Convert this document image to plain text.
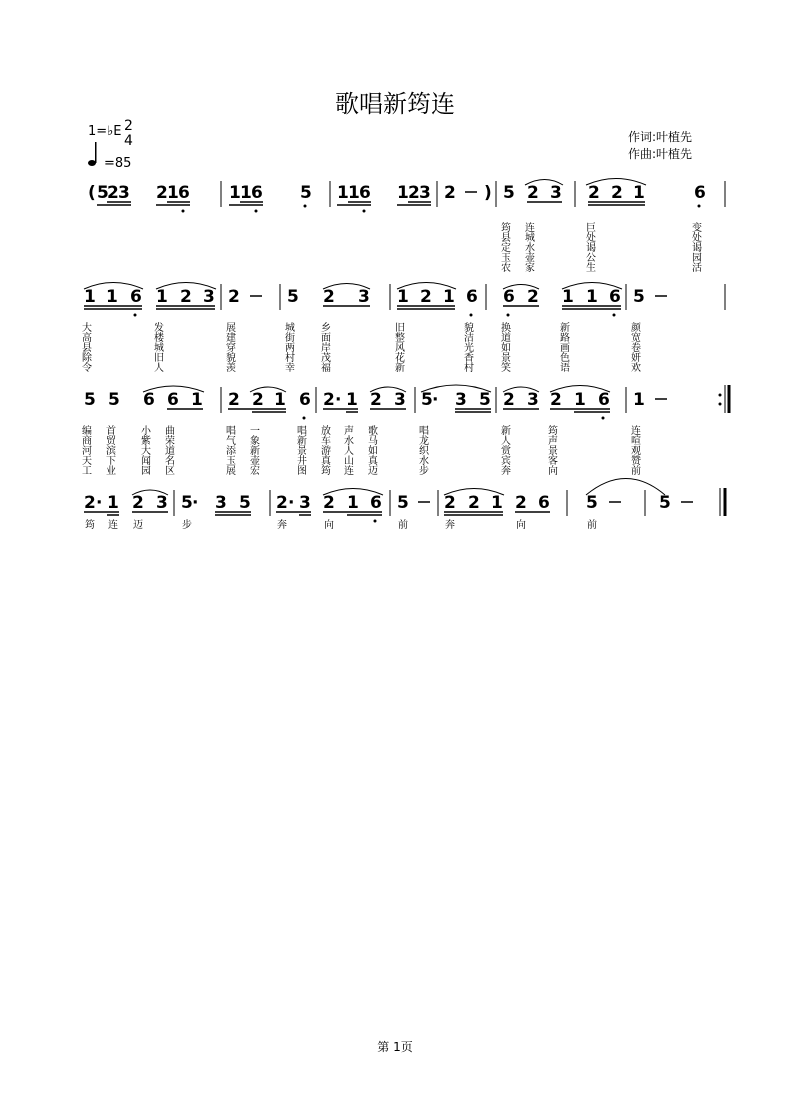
歌唱新筠连
1=♭E 2
4
=85
作词:叶植先
作曲:叶植先
( 5
2 3 2 1 6 1 1 6 5 1 1 6 1 2 3 2 ) 5 2 3 2 2 1	6
筠县定玉农 连城水壶家	巨处谒公生	变处谒园活
1 1 6 1 2 3 2	5 2 3 1 2 1 6 6 2 1 1 6 5
大高县除令	发楼城旧人	展建穿貌羡	城街两村幸	乡面岸茂福	旧整风花新	貌洁光香村	换道如景笑	新路画色语	颜宽卷妍欢
5 5 6 6 1 2 2 1 6 2 · 1 2 3 5 · 3 5 2 3 2 1 6 1
编商河天工 首贸滨下业 小紫大闻园 曲荣道名区	唱气添玉展 一象新壶宏	唱新景井图 放车游真筠 声水人山连 歌马如真迈	唱龙织水步	新人赏宾奔	筠声景客向	连喧观赞前
2 · 1 2 3 5 · 3 5 2 · 3 2 1 6 5 2 2 1 2 6 5	5
筠 连 迈	步	奔	向	前	奔	向	前
第 1页
